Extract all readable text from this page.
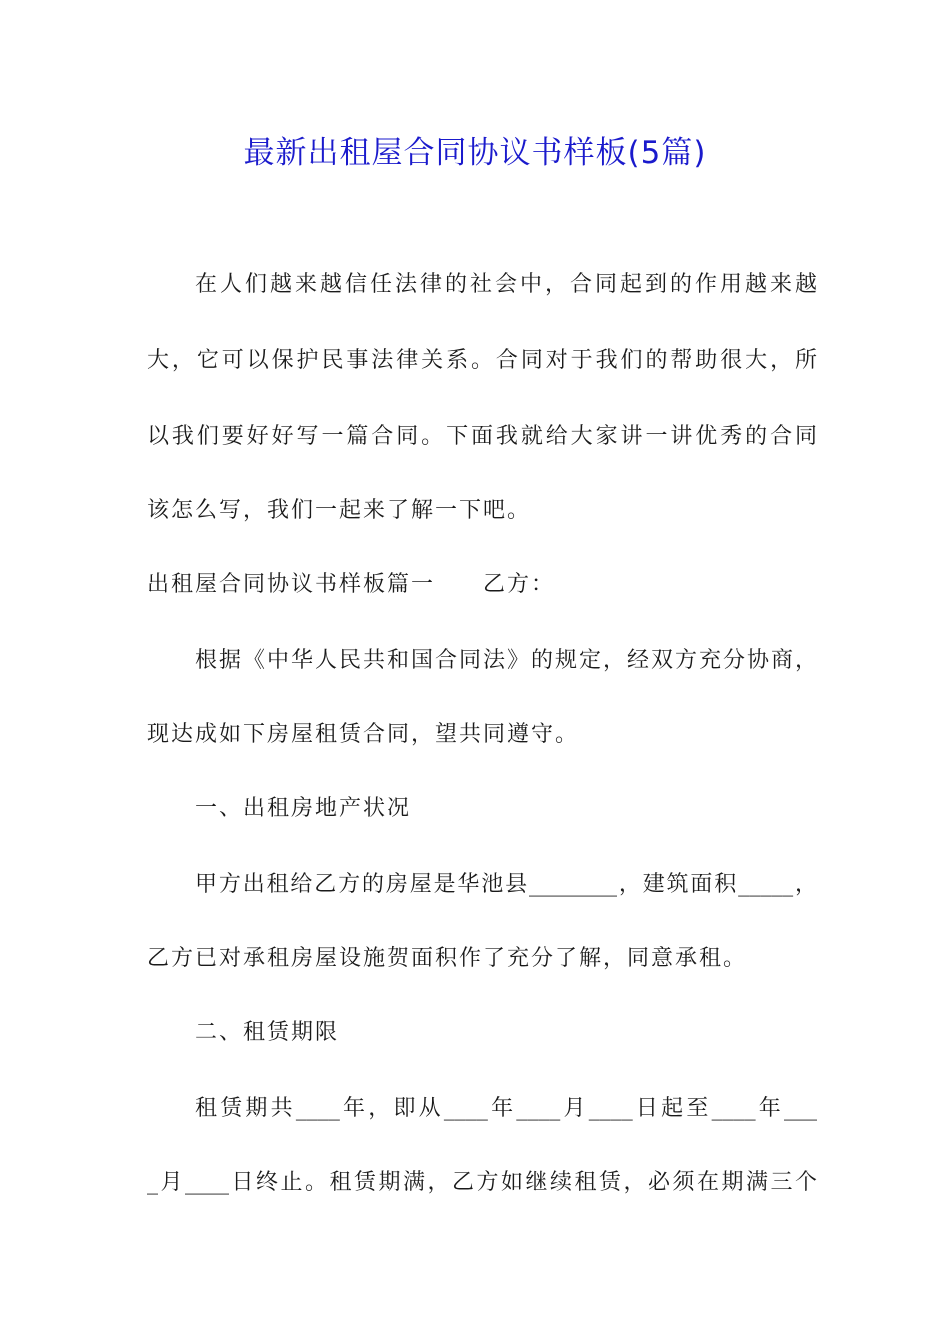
最新出租屋合同协议书样板(5篇)
在人们越来越信任法律的社会中，合同起到的作用越来越
大，它可以保护民事法律关系。合同对于我们的帮助很大，所
以我们要好好写一篇合同。下面我就给大家讲一讲优秀的合同
该怎么写，我们一起来了解一下吧。
出租屋合同协议书样板篇一 乙方：
根据《中华人民共和国合同法》的规定，经双方充分协商，
现达成如下房屋租赁合同，望共同遵守。
一、出租房地产状况
甲方出租给乙方的房屋是华池县________，建筑面积_____，
乙方已对承租房屋设施贺面积作了充分了解，同意承租。
二、租赁期限
租赁期共____年，即从____年____月____日起至____年___
_月____日终止。租赁期满，乙方如继续租赁，必须在期满三个
